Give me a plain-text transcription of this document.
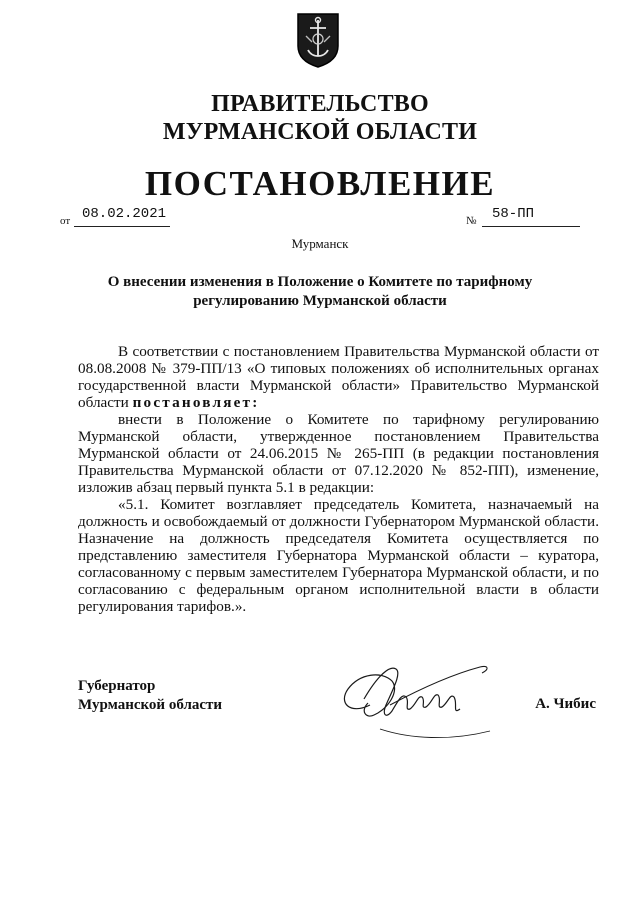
ПРАВИТЕЛЬСТВО
МУРМАНСКОЙ ОБЛАСТИ
ПОСТАНОВЛЕНИЕ
от 08.02.2021	№ 58-ПП
Мурманск
О внесении изменения в Положение о Комитете по тарифному
регулированию Мурманской области

В соответствии с постановлением Правительства Мурманской области от 08.08.2008 № 379-ПП/13 «О типовых положениях об исполнительных органах государственной власти Мурманской области» Правительство Мурманской области постановляет:

внести в Положение о Комитете по тарифному регулированию Мурманской области, утвержденное постановлением Правительства Мурманской области от 24.06.2015 № 265-ПП (в редакции постановления Правительства Мурманской области от 07.12.2020 № 852-ПП), изменение, изложив абзац первый пункта 5.1 в редакции:

«5.1. Комитет возглавляет председатель Комитета, назначаемый на должность и освобождаемый от должности Губернатором Мурманской области. Назначение на должность председателя Комитета осуществляется по представлению заместителя Губернатора Мурманской области – куратора, согласованному с первым заместителем Губернатора Мурманской области, и по согласованию с федеральным органом исполнительной власти в области регулирования тарифов.».

Губернатор
Мурманской области	А. Чибис
